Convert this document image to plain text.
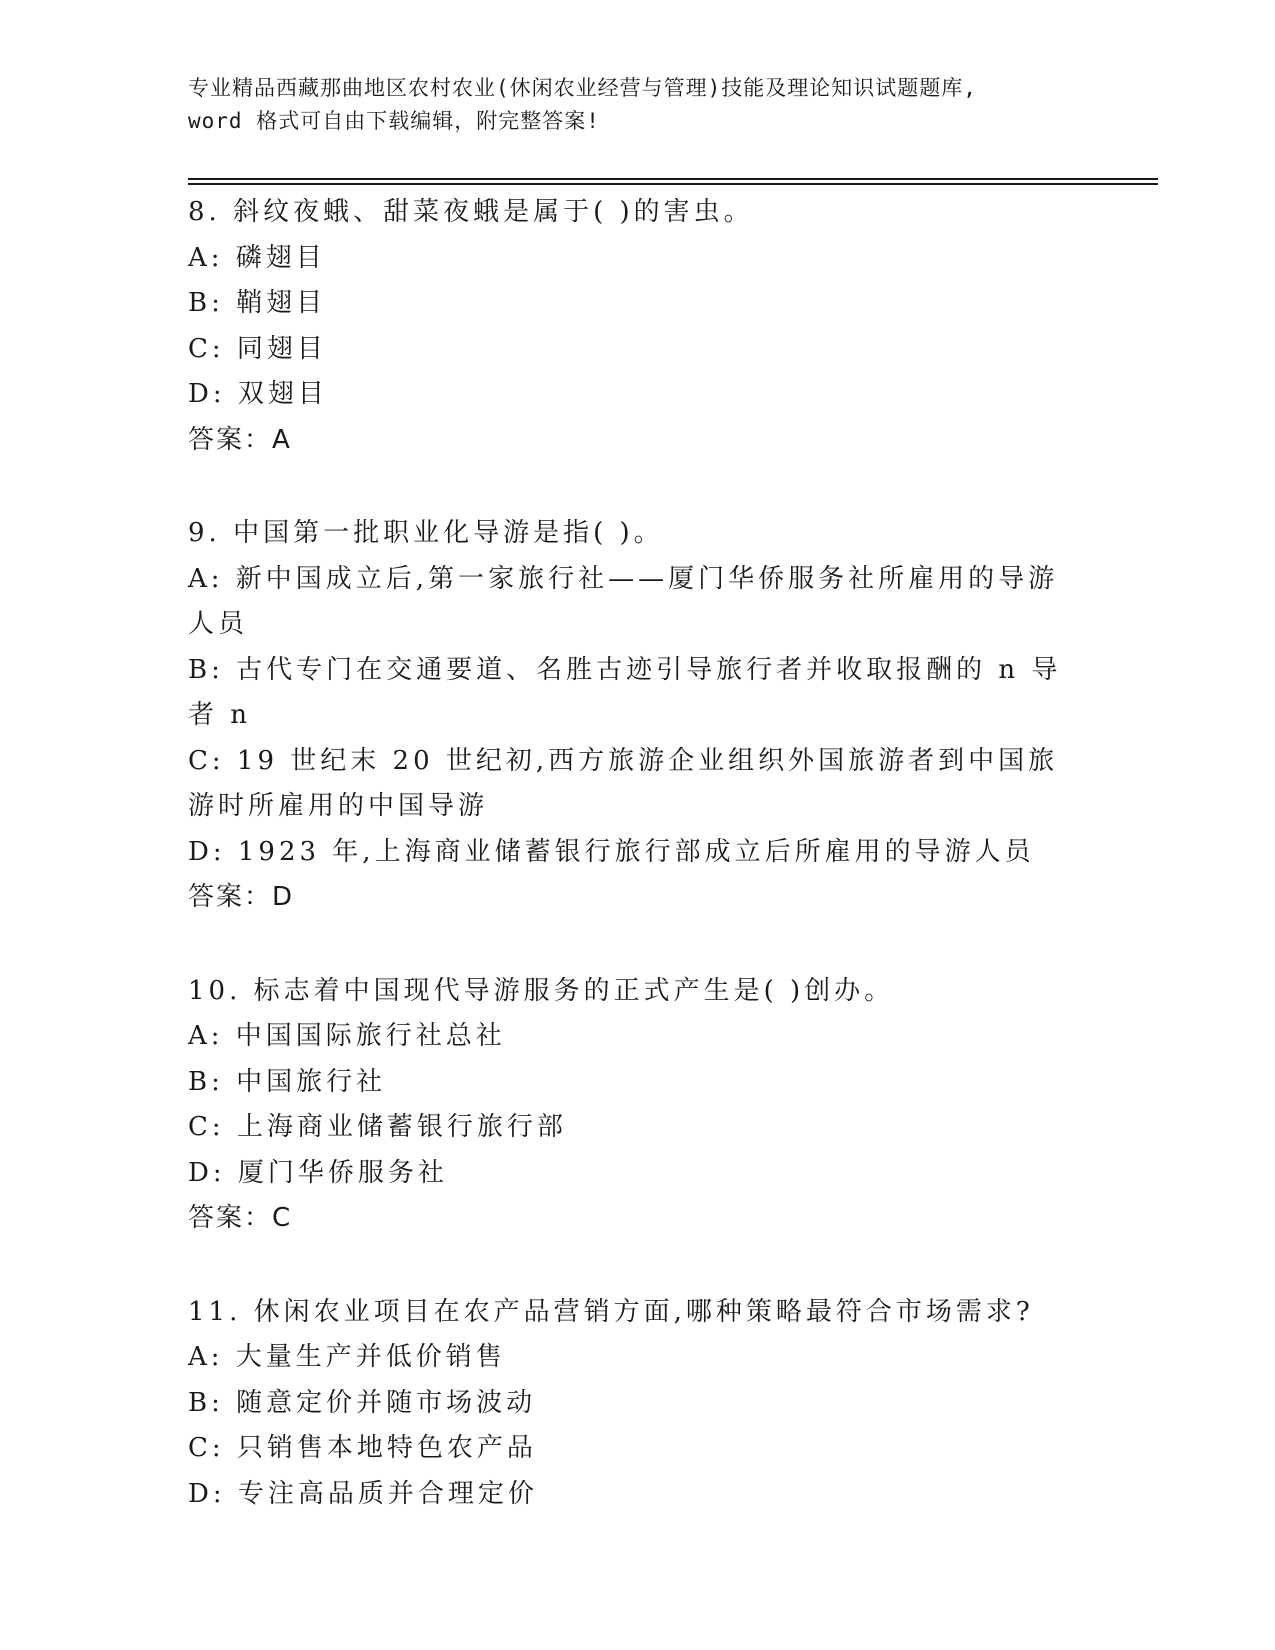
专业精品西藏那曲地区农村农业(休闲农业经营与管理)技能及理论知识试题题库,
word 格式可自由下载编辑，附完整答案!
8. 斜纹夜蛾、甜菜夜蛾是属于( )的害虫。
A: 磷翅目
B: 鞘翅目
C: 同翅目
D: 双翅目
答案：A
9. 中国第一批职业化导游是指( )。
A: 新中国成立后,第一家旅行社——厦门华侨服务社所雇用的导游人员
B: 古代专门在交通要道、名胜古迹引导旅行者并收取报酬的 n 导者 n
C: 19 世纪末 20 世纪初,西方旅游企业组织外国旅游者到中国旅游时所雇用的中国导游
D: 1923 年,上海商业储蓄银行旅行部成立后所雇用的导游人员
答案：D
10. 标志着中国现代导游服务的正式产生是( )创办。
A: 中国国际旅行社总社
B: 中国旅行社
C: 上海商业储蓄银行旅行部
D: 厦门华侨服务社
答案：C
11. 休闲农业项目在农产品营销方面,哪种策略最符合市场需求?
A: 大量生产并低价销售
B: 随意定价并随市场波动
C: 只销售本地特色农产品
D: 专注高品质并合理定价
